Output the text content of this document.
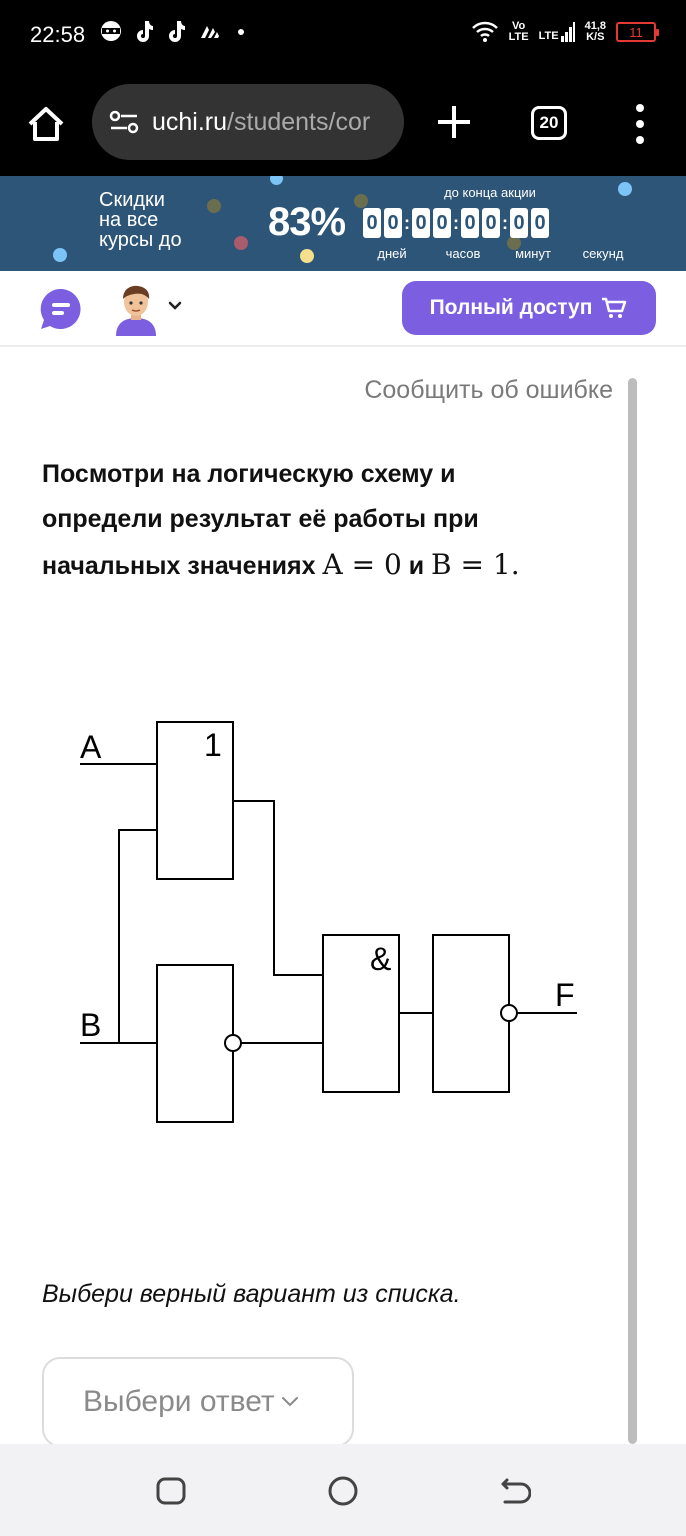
22:58	Vo
LTE LTE
41,8
K/S 11
uchi.ru/students/cor	20
Скидки
на все
курсы до 83%
до конца акции
0 0 : 0 0 : 0 0 : 0 0
дней	часов	минут	секунд
Полный доступ
Сообщить об ошибке
Посмотри на логическую схему и
определи результат её работы при
начальных значениях A = 0 и B = 1.
A
B
F
1
&
Выбери верный вариант из списка.
Выбери ответ
